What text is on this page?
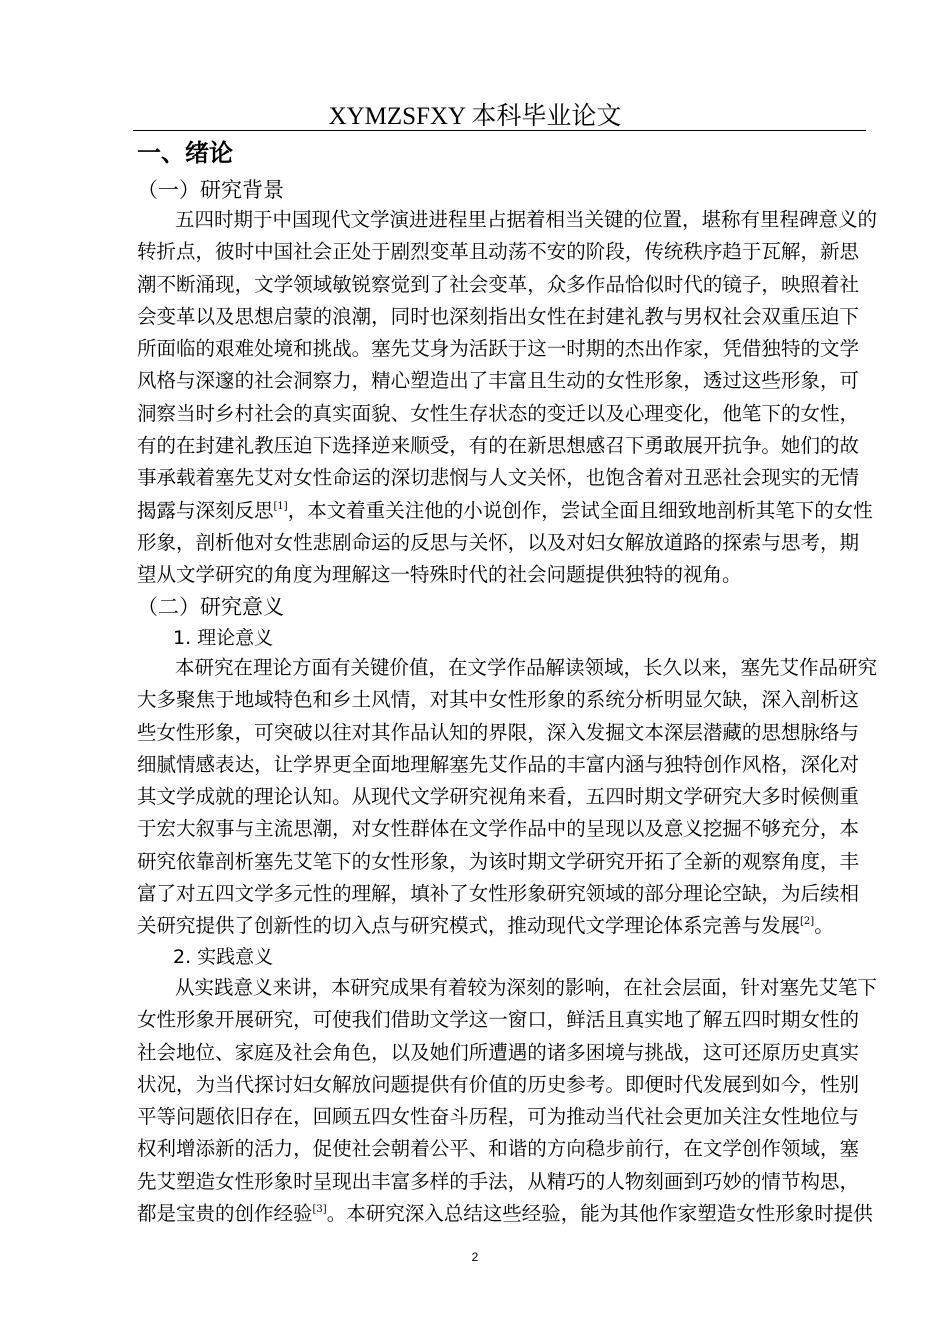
XYMZSFXY 本科毕业论文
一、绪论
（一）研究背景
五四时期于中国现代文学演进进程里占据着相当关键的位置，堪称有里程碑意义的
转折点，彼时中国社会正处于剧烈变革且动荡不安的阶段，传统秩序趋于瓦解，新思
潮不断涌现，文学领域敏锐察觉到了社会变革，众多作品恰似时代的镜子，映照着社
会变革以及思想启蒙的浪潮，同时也深刻指出女性在封建礼教与男权社会双重压迫下
所面临的艰难处境和挑战。塞先艾身为活跃于这一时期的杰出作家，凭借独特的文学
风格与深邃的社会洞察力，精心塑造出了丰富且生动的女性形象，透过这些形象，可
洞察当时乡村社会的真实面貌、女性生存状态的变迁以及心理变化，他笔下的女性，
有的在封建礼教压迫下选择逆来顺受，有的在新思想感召下勇敢展开抗争。她们的故
事承载着塞先艾对女性命运的深切悲悯与人文关怀，也饱含着对丑恶社会现实的无情
揭露与深刻反思[1]，本文着重关注他的小说创作，尝试全面且细致地剖析其笔下的女性
形象，剖析他对女性悲剧命运的反思与关怀，以及对妇女解放道路的探索与思考，期
望从文学研究的角度为理解这一特殊时代的社会问题提供独特的视角。
（二）研究意义
1. 理论意义
本研究在理论方面有关键价值，在文学作品解读领域，长久以来，塞先艾作品研究
大多聚焦于地域特色和乡土风情，对其中女性形象的系统分析明显欠缺，深入剖析这
些女性形象，可突破以往对其作品认知的界限，深入发掘文本深层潜藏的思想脉络与
细腻情感表达，让学界更全面地理解塞先艾作品的丰富内涵与独特创作风格，深化对
其文学成就的理论认知。从现代文学研究视角来看，五四时期文学研究大多时候侧重
于宏大叙事与主流思潮，对女性群体在文学作品中的呈现以及意义挖掘不够充分，本
研究依靠剖析塞先艾笔下的女性形象，为该时期文学研究开拓了全新的观察角度，丰
富了对五四文学多元性的理解，填补了女性形象研究领域的部分理论空缺，为后续相
关研究提供了创新性的切入点与研究模式，推动现代文学理论体系完善与发展[2]。
2. 实践意义
从实践意义来讲，本研究成果有着较为深刻的影响，在社会层面，针对塞先艾笔下
女性形象开展研究，可使我们借助文学这一窗口，鲜活且真实地了解五四时期女性的
社会地位、家庭及社会角色，以及她们所遭遇的诸多困境与挑战，这可还原历史真实
状况，为当代探讨妇女解放问题提供有价值的历史参考。即便时代发展到如今，性别
平等问题依旧存在，回顾五四女性奋斗历程，可为推动当代社会更加关注女性地位与
权利增添新的活力，促使社会朝着公平、和谐的方向稳步前行，在文学创作领域，塞
先艾塑造女性形象时呈现出丰富多样的手法，从精巧的人物刻画到巧妙的情节构思，
都是宝贵的创作经验[3]。本研究深入总结这些经验，能为其他作家塑造女性形象时提供
2
